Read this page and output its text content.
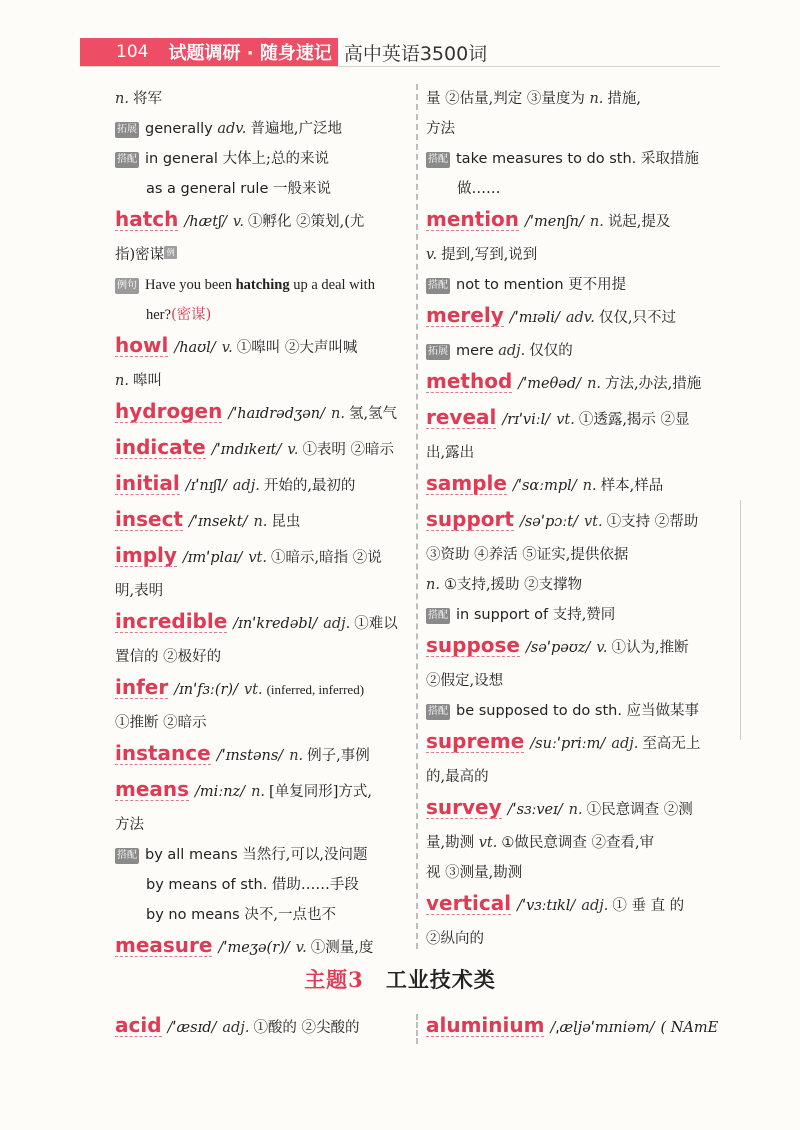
104	试题调研 · 随身速记 高中英语3500词
n. 将军
拓展 generally adv. 普遍地,广泛地
搭配 in general 大体上;总的来说
as a general rule 一般来说
hatch /hætʃ/ v. ①孵化 ②策划,(尤
指)密谋 例
例句 Have you been hatching up a deal with
her?(密谋)
howl /haʊl/ v. ①嗥叫 ②大声叫喊
n. 嗥叫
hydrogen /ˈhaɪdrədʒən/ n. 氢,氢气
indicate /ˈɪndɪkeɪt/ v. ①表明 ②暗示
initial /ɪˈnɪʃl/ adj. 开始的,最初的
insect /ˈɪnsekt/ n. 昆虫
imply /ɪmˈplaɪ/ vt. ①暗示,暗指 ②说
明,表明
incredible /ɪnˈkredəbl/ adj. ①难以
置信的 ②极好的
infer /ɪnˈfɜː(r)/ vt. (inferred, inferred)
①推断 ②暗示
instance /ˈɪnstəns/ n. 例子,事例
means /miːnz/ n. [单复同形]方式,
方法
搭配 by all means 当然行,可以,没问题
by means of sth. 借助……手段
by no means 决不,一点也不
measure /ˈmeʒə(r)/ v. ①测量,度
量 ②估量,判定 ③量度为 n. 措施,
方法
搭配 take measures to do sth. 采取措施
做……
mention /ˈmenʃn/ n. 说起,提及
v. 提到,写到,说到
搭配 not to mention 更不用提
merely /ˈmɪəli/ adv. 仅仅,只不过
拓展 mere adj. 仅仅的
method /ˈmeθəd/ n. 方法,办法,措施
reveal /rɪˈviːl/ vt. ①透露,揭示 ②显
出,露出
sample /ˈsɑːmpl/ n. 样本,样品
support /səˈpɔːt/ vt. ①支持 ②帮助
③资助 ④养活 ⑤证实,提供依据
n. ①支持,援助 ②支撑物
搭配 in support of 支持,赞同
suppose /səˈpəʊz/ v. ①认为,推断
②假定,设想
搭配 be supposed to do sth. 应当做某事
supreme /suːˈpriːm/ adj. 至高无上
的,最高的
survey /ˈsɜːveɪ/ n. ①民意调查 ②测
量,勘测 vt. ①做民意调查 ②查看,审
视 ③测量,勘测
vertical /ˈvɜːtɪkl/ adj. ① 垂 直 的
②纵向的
主题3 工业技术类
acid /ˈæsɪd/ adj. ①酸的 ②尖酸的	aluminium /ˌæljəˈmɪniəm/ ( NAmE
